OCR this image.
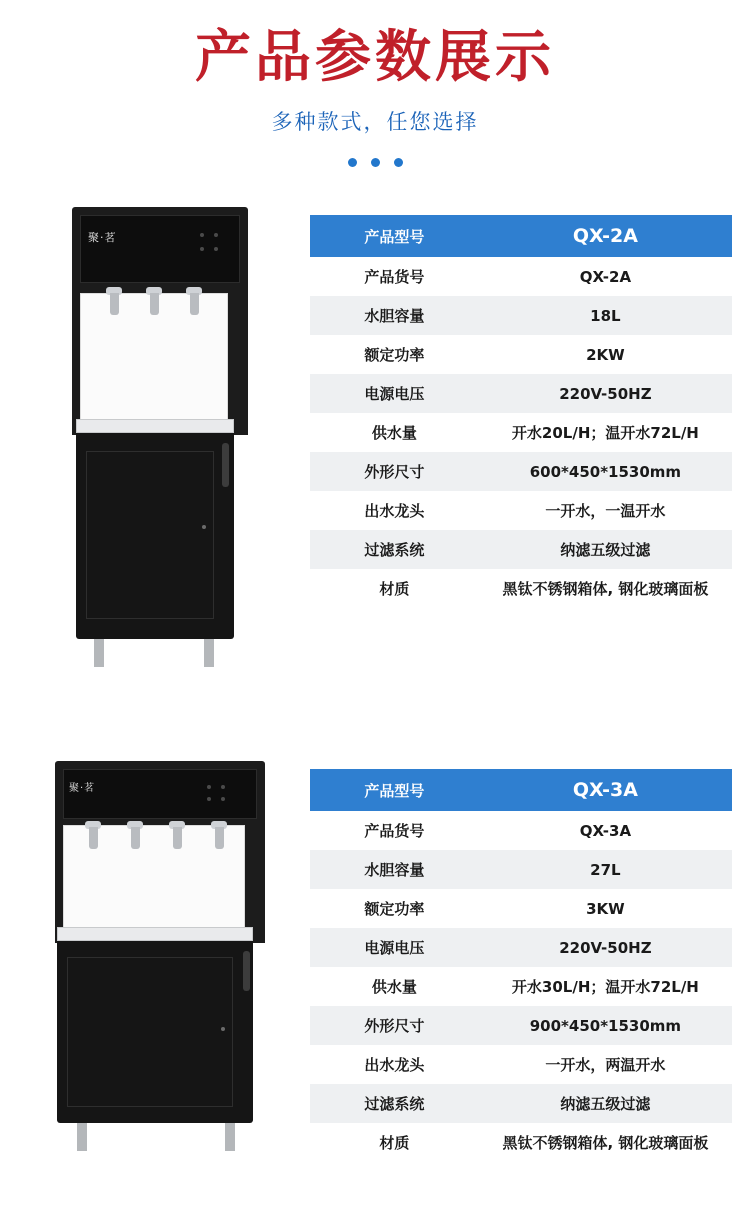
产品参数展示
多种款式，任您选择
聚·茗	产品型号	QX-2A
产品货号	QX-2A
水胆容量	18L
额定功率	2KW
电源电压	220V-50HZ
供水量	开水20L/H；温开水72L/H
外形尺寸	600*450*1530mm
出水龙头	一开水，一温开水
过滤系统	纳滤五级过滤
材质	黑钛不锈钢箱体, 钢化玻璃面板
聚·茗	产品型号	QX-3A
产品货号	QX-3A
水胆容量	27L
额定功率	3KW
电源电压	220V-50HZ
供水量	开水30L/H；温开水72L/H
外形尺寸	900*450*1530mm
出水龙头	一开水，两温开水
过滤系统	纳滤五级过滤
材质	黑钛不锈钢箱体, 钢化玻璃面板
